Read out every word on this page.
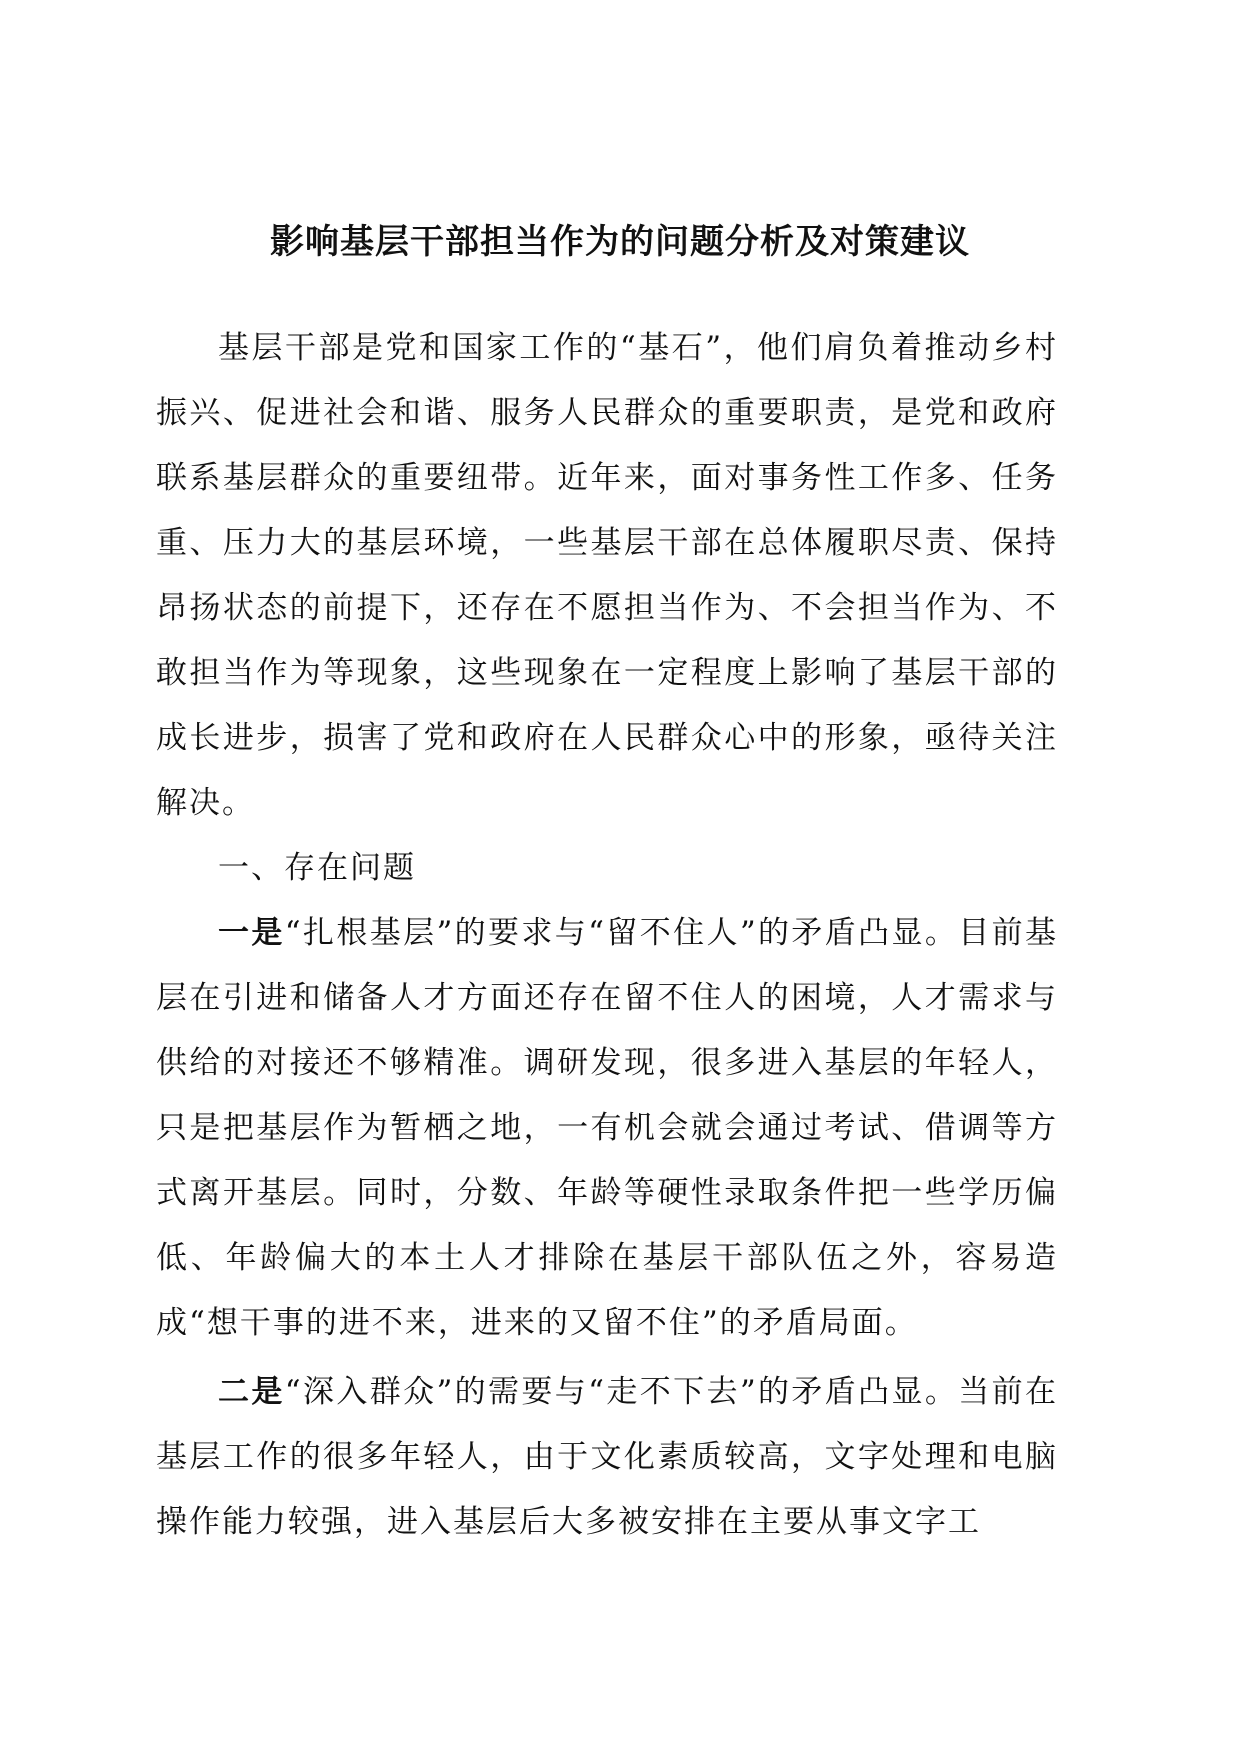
影响基层干部担当作为的问题分析及对策建议

基层干部是党和国家工作的“基石”，他们肩负着推动乡村振兴、促进社会和谐、服务人民群众的重要职责，是党和政府联系基层群众的重要纽带。近年来，面对事务性工作多、任务重、压力大的基层环境，一些基层干部在总体履职尽责、保持昂扬状态的前提下，还存在不愿担当作为、不会担当作为、不敢担当作为等现象，这些现象在一定程度上影响了基层干部的成长进步，损害了党和政府在人民群众心中的形象，亟待关注解决。

一、存在问题

一是“扎根基层”的要求与“留不住人”的矛盾凸显。目前基层在引进和储备人才方面还存在留不住人的困境，人才需求与供给的对接还不够精准。调研发现，很多进入基层的年轻人，只是把基层作为暂栖之地，一有机会就会通过考试、借调等方式离开基层。同时，分数、年龄等硬性录取条件把一些学历偏低、年龄偏大的本土人才排除在基层干部队伍之外，容易造成“想干事的进不来，进来的又留不住”的矛盾局面。

二是“深入群众”的需要与“走不下去”的矛盾凸显。当前在基层工作的很多年轻人，由于文化素质较高，文字处理和电脑操作能力较强，进入基层后大多被安排在主要从事文字工
